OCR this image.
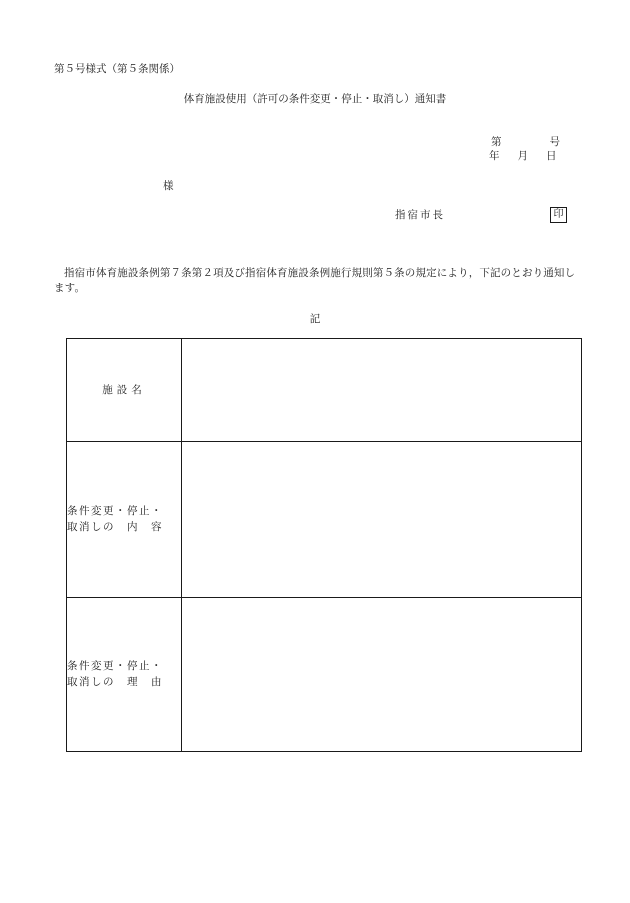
第５号様式（第５条関係）
体育施設使用（許可の条件変更・停止・取消し）通知書
第	号
年 月 日
様
指宿市長	印
指宿市体育施設条例第７条第２項及び指宿体育施設条例施行規則第５条の規定により，下記のとおり通知します。
記
施設名	

条件変更・停止・
取消しの　内　容	

条件変更・停止・
取消しの　理　由	
